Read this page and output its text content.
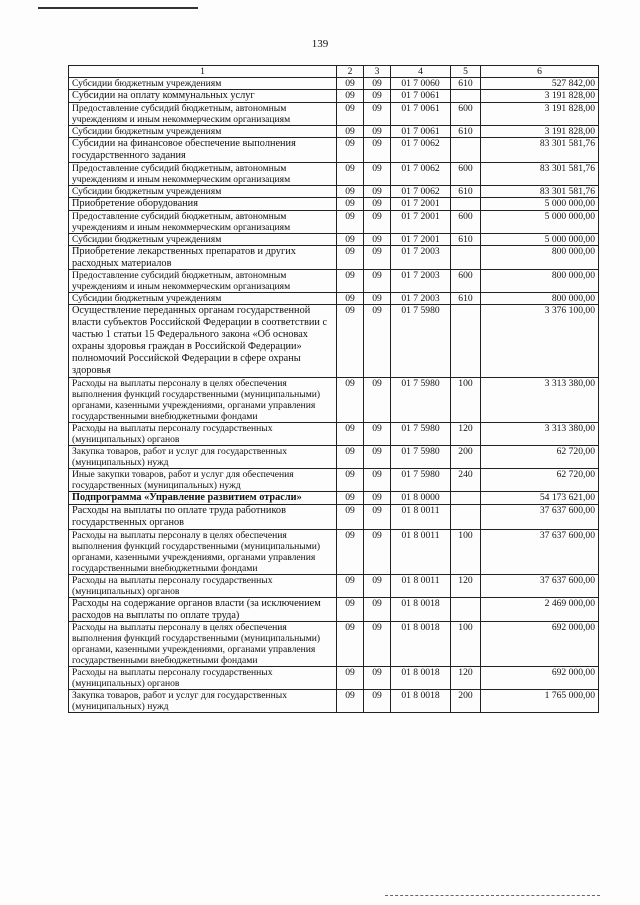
139
1	2	3	4	5	6
Субсидии бюджетным учреждениям	09	09	01 7 0060	610	527 842,00
Субсидии на оплату коммунальных услуг	09	09	01 7 0061		3 191 828,00
Предоставление субсидий бюджетным, автономным учреждениям и иным некоммерческим организациям	09	09	01 7 0061	600	3 191 828,00
Субсидии бюджетным учреждениям	09	09	01 7 0061	610	3 191 828,00
Субсидии на финансовое обеспечение выполнения государственного задания	09	09	01 7 0062		83 301 581,76
Предоставление субсидий бюджетным, автономным учреждениям и иным некоммерческим организациям	09	09	01 7 0062	600	83 301 581,76
Субсидии бюджетным учреждениям	09	09	01 7 0062	610	83 301 581,76
Приобретение оборудования	09	09	01 7 2001		5 000 000,00
Предоставление субсидий бюджетным, автономным учреждениям и иным некоммерческим организациям	09	09	01 7 2001	600	5 000 000,00
Субсидии бюджетным учреждениям	09	09	01 7 2001	610	5 000 000,00
Приобретение лекарственных препаратов и других расходных материалов	09	09	01 7 2003		800 000,00
Предоставление субсидий бюджетным, автономным учреждениям и иным некоммерческим организациям	09	09	01 7 2003	600	800 000,00
Субсидии бюджетным учреждениям	09	09	01 7 2003	610	800 000,00
Осуществление переданных органам государственной власти субъектов Российской Федерации в соответствии с частью 1 статьи 15 Федерального закона «Об основах охраны здоровья граждан в Российской Федерации» полномочий Российской Федерации в сфере охраны здоровья	09	09	01 7 5980		3 376 100,00
Расходы на выплаты персоналу в целях обеспечения выполнения функций государственными (муниципальными) органами, казенными учреждениями, органами управления государственными внебюджетными фондами	09	09	01 7 5980	100	3 313 380,00
Расходы на выплаты персоналу государственных (муниципальных) органов	09	09	01 7 5980	120	3 313 380,00
Закупка товаров, работ и услуг для государственных (муниципальных) нужд	09	09	01 7 5980	200	62 720,00
Иные закупки товаров, работ и услуг для обеспечения государственных (муниципальных) нужд	09	09	01 7 5980	240	62 720,00
Подпрограмма «Управление развитием отрасли»	09	09	01 8 0000		54 173 621,00
Расходы на выплаты по оплате труда работников государственных органов	09	09	01 8 0011		37 637 600,00
Расходы на выплаты персоналу в целях обеспечения выполнения функций государственными (муниципальными) органами, казенными учреждениями, органами управления государственными внебюджетными фондами	09	09	01 8 0011	100	37 637 600,00
Расходы на выплаты персоналу государственных (муниципальных) органов	09	09	01 8 0011	120	37 637 600,00
Расходы на содержание органов власти (за исключением расходов на выплаты по оплате труда)	09	09	01 8 0018		2 469 000,00
Расходы на выплаты персоналу в целях обеспечения выполнения функций государственными (муниципальными) органами, казенными учреждениями, органами управления государственными внебюджетными фондами	09	09	01 8 0018	100	692 000,00
Расходы на выплаты персоналу государственных (муниципальных) органов	09	09	01 8 0018	120	692 000,00
Закупка товаров, работ и услуг для государственных (муниципальных) нужд	09	09	01 8 0018	200	1 765 000,00
